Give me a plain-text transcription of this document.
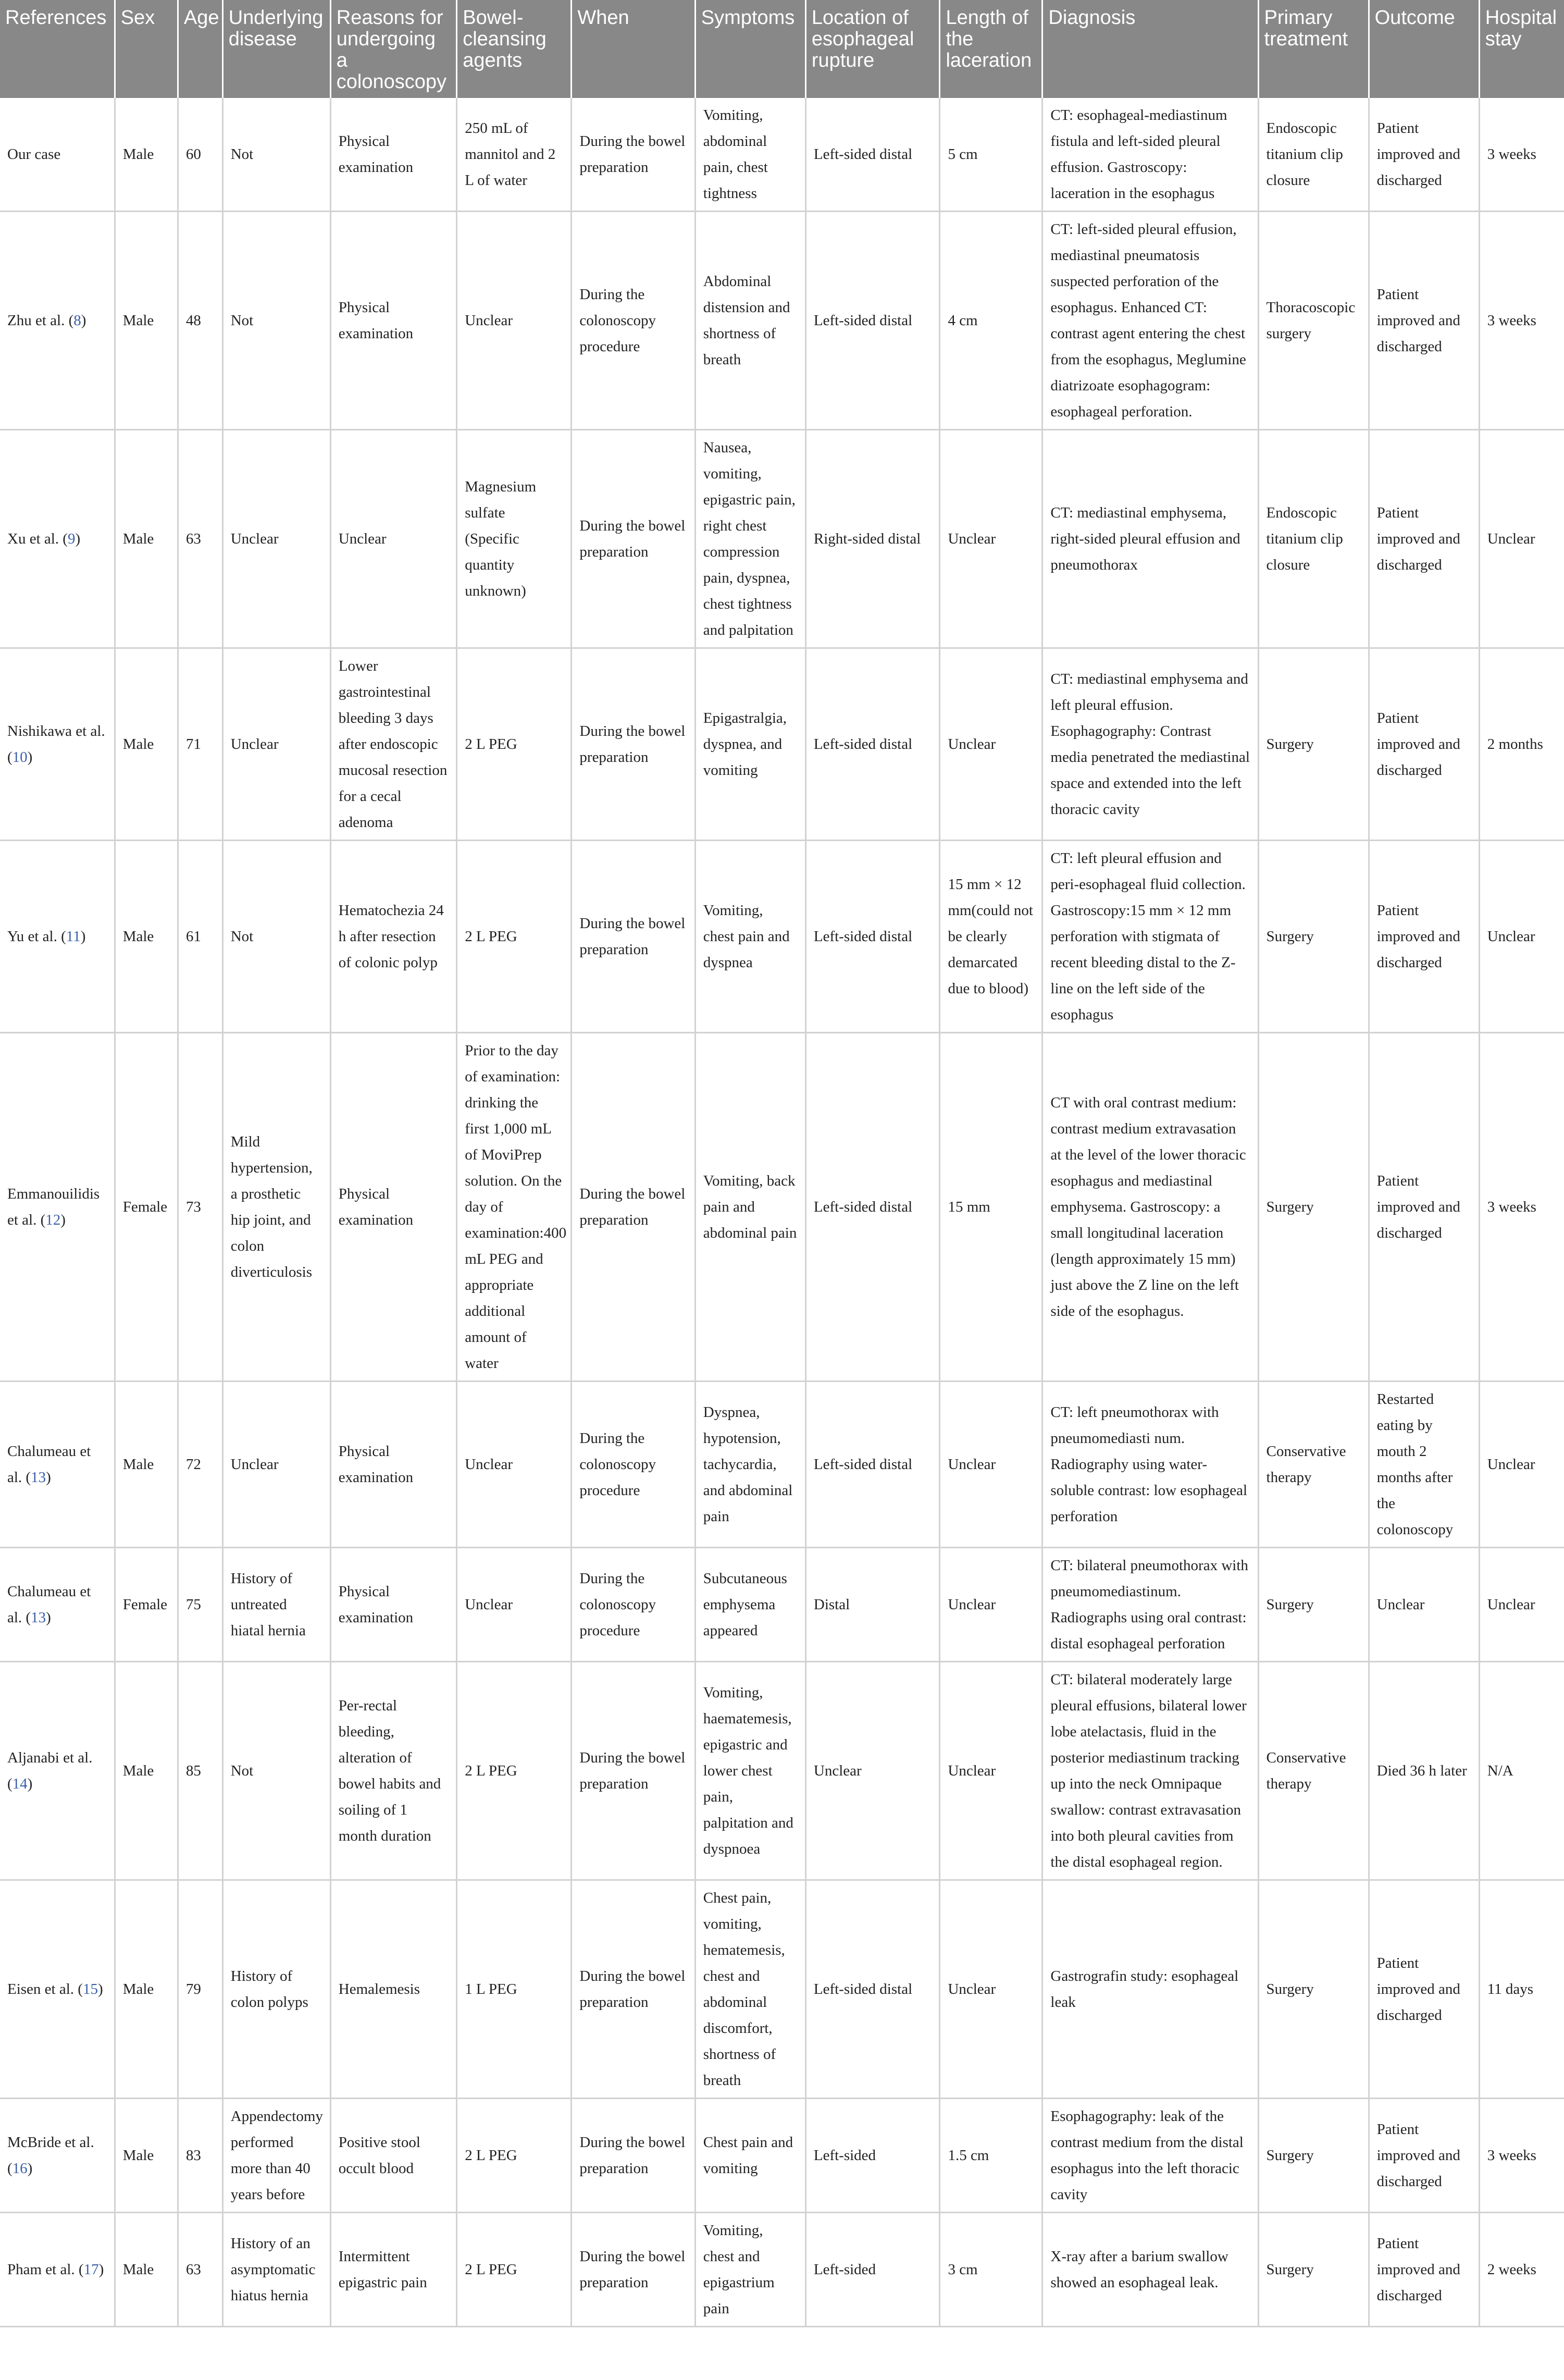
References	Sex	Age	Underlying disease	Reasons for undergoing a colonoscopy	Bowel-cleansing agents	When	Symptoms	Location of esophageal rupture	Length of the laceration	Diagnosis	Primary treatment	Outcome	Hospital stay
Our case	Male	60	Not	Physical examination	250 mL of mannitol and 2 L of water	During the bowel preparation	Vomiting, abdominal pain, chest tightness	Left-sided distal	5 cm	CT: esophageal-mediastinum fistula and left-sided pleural effusion. Gastroscopy: laceration in the esophagus	Endoscopic titanium clip closure	Patient improved and discharged	3 weeks
Zhu et al. (8)	Male	48	Not	Physical examination	Unclear	During the colonoscopy procedure	Abdominal distension and shortness of breath	Left-sided distal	4 cm	CT: left-sided pleural effusion, mediastinal pneumatosis suspected perforation of the esophagus. Enhanced CT: contrast agent entering the chest from the esophagus, Meglumine diatrizoate esophagogram: esophageal perforation.	Thoracoscopic surgery	Patient improved and discharged	3 weeks
Xu et al. (9)	Male	63	Unclear	Unclear	Magnesium sulfate (Specific quantity unknown)	During the bowel preparation	Nausea, vomiting, epigastric pain, right chest compression pain, dyspnea, chest tightness and palpitation	Right-sided distal	Unclear	CT: mediastinal emphysema, right-sided pleural effusion and pneumothorax	Endoscopic titanium clip closure	Patient improved and discharged	Unclear
Nishikawa et al. (10)	Male	71	Unclear	Lower gastrointestinal bleeding 3 days after endoscopic mucosal resection for a cecal adenoma	2 L PEG	During the bowel preparation	Epigastralgia, dyspnea, and vomiting	Left-sided distal	Unclear	CT: mediastinal emphysema and left pleural effusion. Esophagography: Contrast media penetrated the mediastinal space and extended into the left thoracic cavity	Surgery	Patient improved and discharged	2 months
Yu et al. (11)	Male	61	Not	Hematochezia 24 h after resection of colonic polyp	2 L PEG	During the bowel preparation	Vomiting, chest pain and dyspnea	Left-sided distal	15 mm × 12 mm(could not be clearly demarcated due to blood)	CT: left pleural effusion and peri-esophageal fluid collection. Gastroscopy:15 mm × 12 mm perforation with stigmata of recent bleeding distal to the Z-line on the left side of the esophagus	Surgery	Patient improved and discharged	Unclear
Emmanouilidis et al. (12)	Female	73	Mild hypertension, a prosthetic hip joint, and colon diverticulosis	Physical examination	Prior to the day of examination: drinking the first 1,000 mL of MoviPrep solution. On the day of examination:400 mL PEG and appropriate additional amount of water	During the bowel preparation	Vomiting, back pain and abdominal pain	Left-sided distal	15 mm	CT with oral contrast medium: contrast medium extravasation at the level of the lower thoracic esophagus and mediastinal emphysema. Gastroscopy: a small longitudinal laceration (length approximately 15 mm) just above the Z line on the left side of the esophagus.	Surgery	Patient improved and discharged	3 weeks
Chalumeau et al. (13)	Male	72	Unclear	Physical examination	Unclear	During the colonoscopy procedure	Dyspnea, hypotension, tachycardia, and abdominal pain	Left-sided distal	Unclear	CT: left pneumothorax with pneumomediasti num. Radiography using water-soluble contrast: low esophageal perforation	Conservative therapy	Restarted eating by mouth 2 months after the colonoscopy	Unclear
Chalumeau et al. (13)	Female	75	History of untreated hiatal hernia	Physical examination	Unclear	During the colonoscopy procedure	Subcutaneous emphysema appeared	Distal	Unclear	CT: bilateral pneumothorax with pneumomediastinum. Radiographs using oral contrast: distal esophageal perforation	Surgery	Unclear	Unclear
Aljanabi et al. (14)	Male	85	Not	Per-rectal bleeding, alteration of bowel habits and soiling of 1 month duration	2 L PEG	During the bowel preparation	Vomiting, haematemesis, epigastric and lower chest pain, palpitation and dyspnoea	Unclear	Unclear	CT: bilateral moderately large pleural effusions, bilateral lower lobe atelactasis, fluid in the posterior mediastinum tracking up into the neck Omnipaque swallow: contrast extravasation into both pleural cavities from the distal esophageal region.	Conservative therapy	Died 36 h later	N/A
Eisen et al. (15)	Male	79	History of colon polyps	Hemalemesis	1 L PEG	During the bowel preparation	Chest pain, vomiting, hematemesis, chest and abdominal discomfort, shortness of breath	Left-sided distal	Unclear	Gastrografin study: esophageal leak	Surgery	Patient improved and discharged	11 days
McBride et al. (16)	Male	83	Appendectomy performed more than 40 years before	Positive stool occult blood	2 L PEG	During the bowel preparation	Chest pain and vomiting	Left-sided	1.5 cm	Esophagography: leak of the contrast medium from the distal esophagus into the left thoracic cavity	Surgery	Patient improved and discharged	3 weeks
Pham et al. (17)	Male	63	History of an asymptomatic hiatus hernia	Intermittent epigastric pain	2 L PEG	During the bowel preparation	Vomiting, chest and epigastrium pain	Left-sided	3 cm	X-ray after a barium swallow showed an esophageal leak.	Surgery	Patient improved and discharged	2 weeks
